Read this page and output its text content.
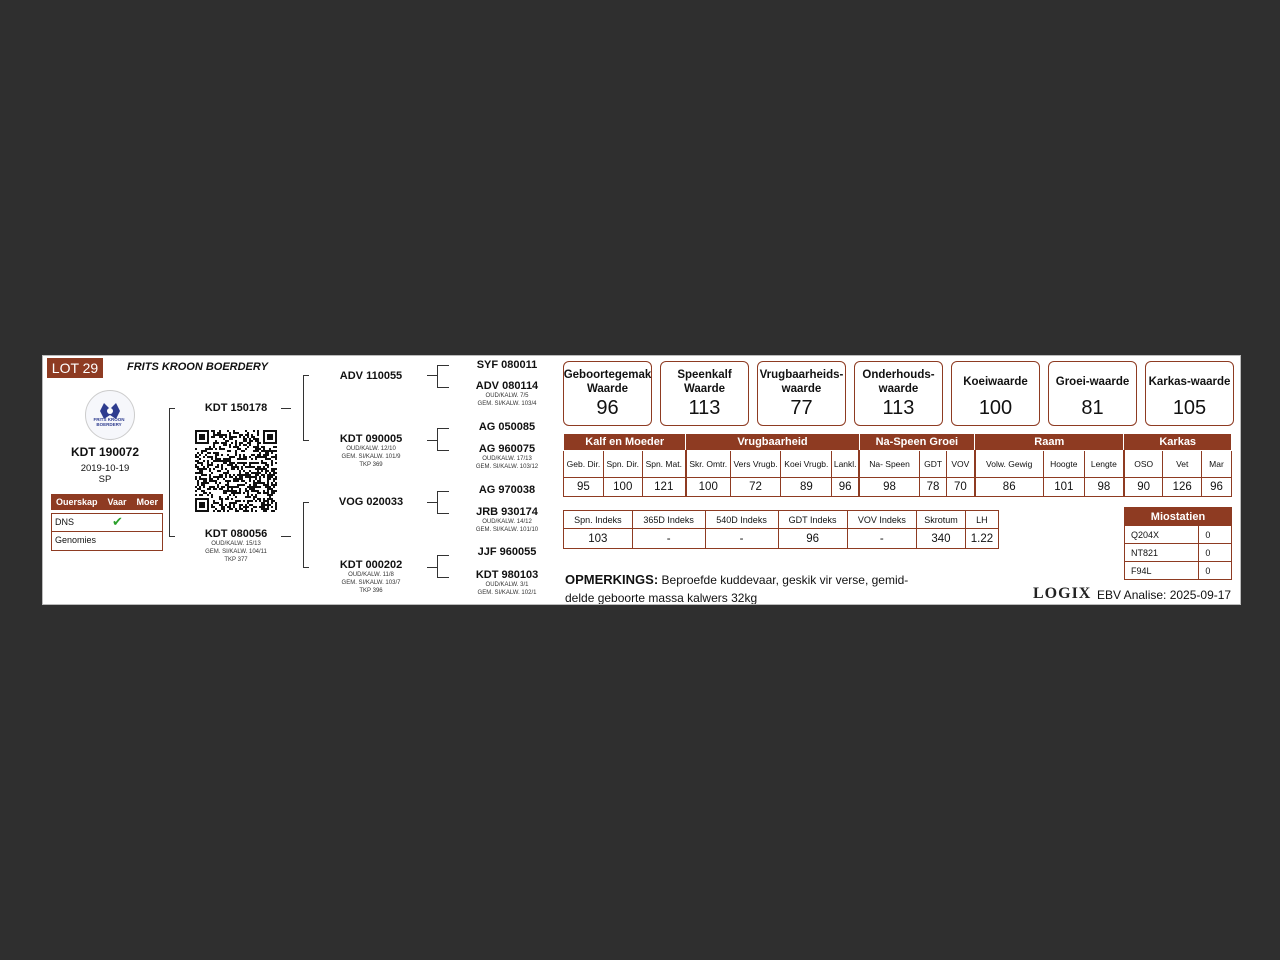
LOT 29	FRITS KROON BOERDERY
FRITS KROON BOERDERY
KDT 190072
2019-10-19
SP
Ouerskap Vaar Moer
DNS	✔
Genomies
KDT 150178
KDT 080056
OUD/KALW. 15/13
GEM. SI/KALW. 104/11
TKP 377
ADV 110055
KDT 090005
OUD/KALW. 12/10
GEM. SI/KALW. 101/9
TKP 369
VOG 020033
KDT 000202
OUD/KALW. 11/8
GEM. SI/KALW. 103/7
TKP 396
SYF 080011
ADV 080114
OUD/KALW. 7/5
GEM. SI/KALW. 103/4
AG 050085
AG 960075
OUD/KALW. 17/13
GEM. SI/KALW. 103/12
AG 970038
JRB 930174
OUD/KALW. 14/12
GEM. SI/KALW. 101/10
JJF 960055
KDT 980103
OUD/KALW. 3/1
GEM. SI/KALW. 102/1
Geboortegemak Waarde
96
Speenkalf Waarde
113
Vrugbaarheids-waarde
77
Onderhouds-waarde
113
Koeiwaarde
100
Groei-waarde
81
Karkas-waarde
105
Kalf en Moeder			Vrugbaarheid				Na-Speen Groei			Raam			Karkas		
Geb. Dir.	Spn. Dir.	Spn. Mat.	Skr. Omtr.	Vers Vrugb.	Koei Vrugb.	Lankl.	Na- Speen	GDT	VOV	Volw. Gewig	Hoogte	Lengte	OSO	Vet	Mar
95	100	121	100	72	89	96	98	78	70	86	101	98	90	126	96
Spn. Indeks	365D Indeks	540D Indeks	GDT Indeks	VOV Indeks	Skrotum	LH
103	-	-	96	-	340	1.22
Miostatien	
Q204X	0
NT821	0
F94L	0
OPMERKINGS: Beproefde kuddevaar, geskik vir verse, gemid-
delde geboorte massa kalwers 32kg	LOGIX EBV Analise: 2025-09-17
